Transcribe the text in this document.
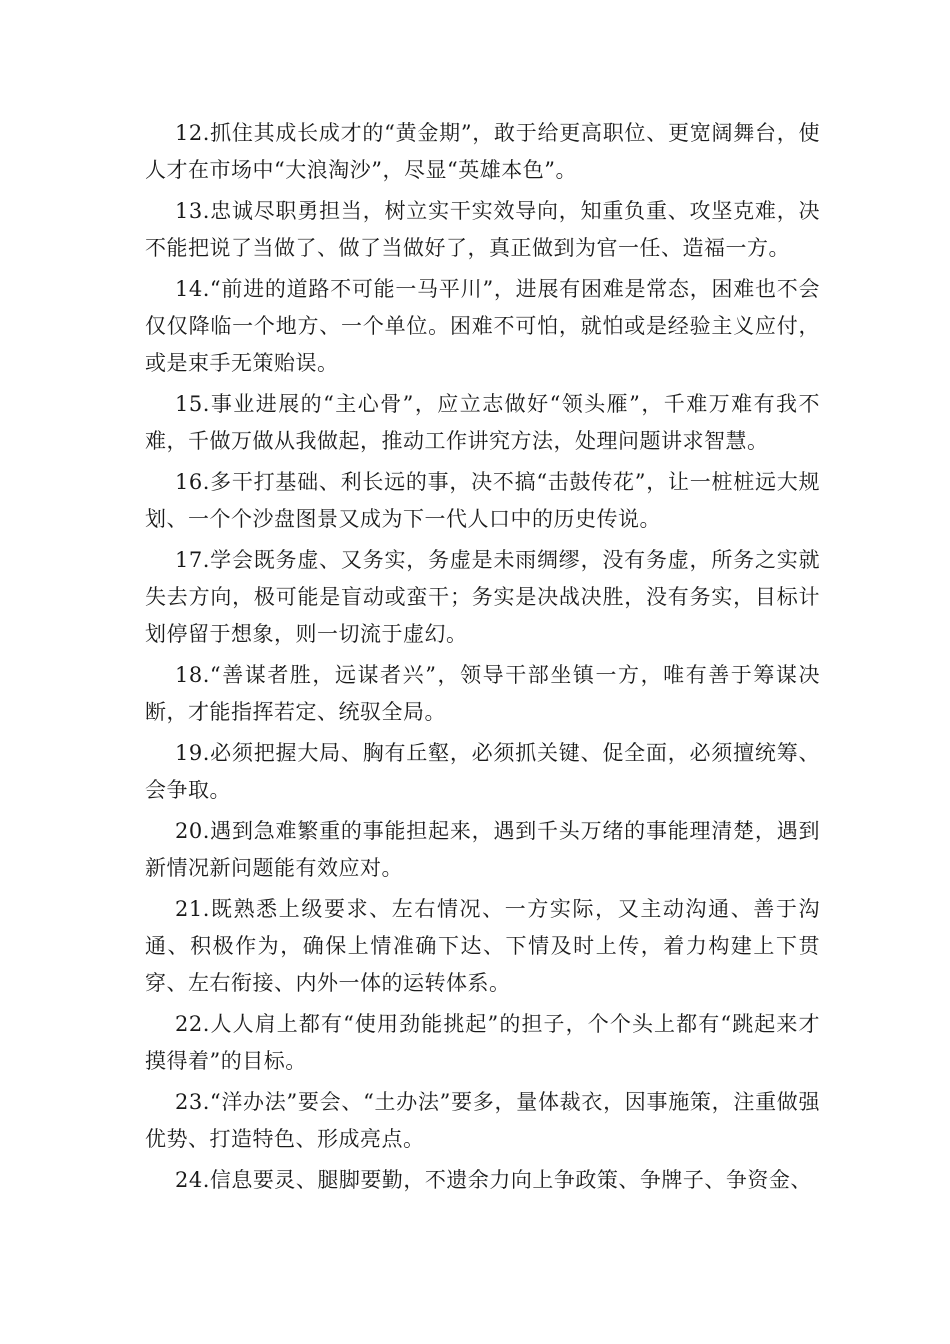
12.抓住其成长成才的“黄金期”，敢于给更高职位、更宽阔舞台，使人才在市场中“大浪淘沙”，尽显“英雄本色”。

13.忠诚尽职勇担当，树立实干实效导向，知重负重、攻坚克难，决不能把说了当做了、做了当做好了，真正做到为官一任、造福一方。

14.“前进的道路不可能一马平川”，进展有困难是常态，困难也不会仅仅降临一个地方、一个单位。困难不可怕，就怕或是经验主义应付，或是束手无策贻误。

15.事业进展的“主心骨”，应立志做好“领头雁”，千难万难有我不难，千做万做从我做起，推动工作讲究方法，处理问题讲求智慧。

16.多干打基础、利长远的事，决不搞“击鼓传花”，让一桩桩远大规划、一个个沙盘图景又成为下一代人口中的历史传说。

17.学会既务虚、又务实，务虚是未雨绸缪，没有务虚，所务之实就失去方向，极可能是盲动或蛮干；务实是决战决胜，没有务实，目标计划停留于想象，则一切流于虚幻。

18.“善谋者胜，远谋者兴”，领导干部坐镇一方，唯有善于筹谋决断，才能指挥若定、统驭全局。

19.必须把握大局、胸有丘壑，必须抓关键、促全面，必须擅统筹、会争取。

20.遇到急难繁重的事能担起来，遇到千头万绪的事能理清楚，遇到新情况新问题能有效应对。

21.既熟悉上级要求、左右情况、一方实际，又主动沟通、善于沟通、积极作为，确保上情准确下达、下情及时上传，着力构建上下贯穿、左右衔接、内外一体的运转体系。

22.人人肩上都有“使用劲能挑起”的担子，个个头上都有“跳起来才摸得着”的目标。

23.“洋办法”要会、“土办法”要多，量体裁衣，因事施策，注重做强优势、打造特色、形成亮点。

24.信息要灵、腿脚要勤，不遗余力向上争政策、争牌子、争资金、
